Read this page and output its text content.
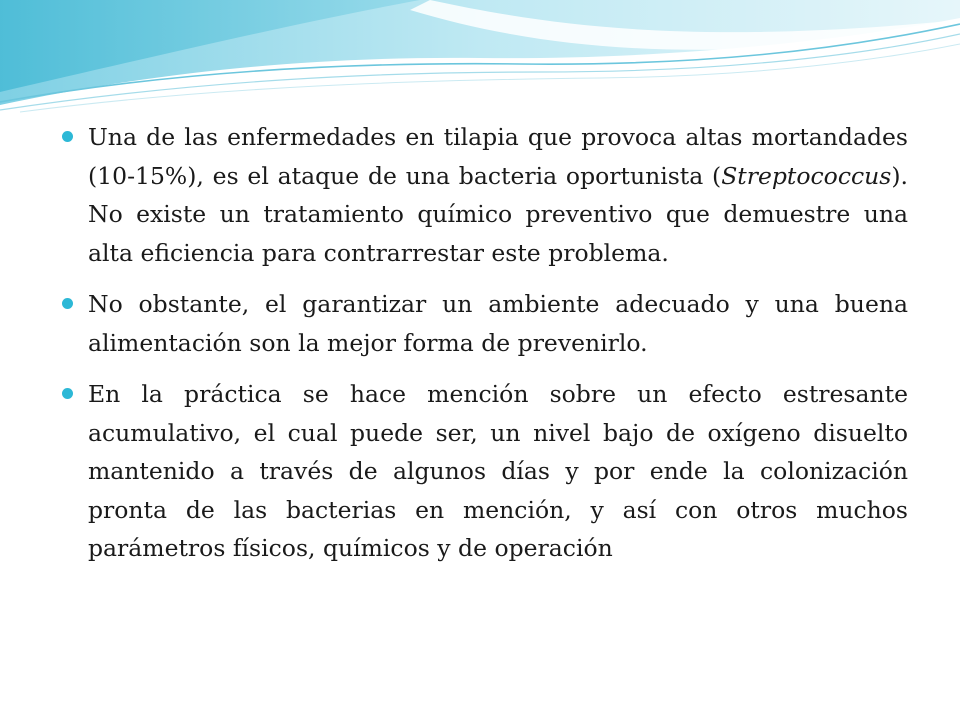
Una de las enfermedades en tilapia que provoca altas mortandades (10-15%), es el ataque de una bacteria oportunista (Streptococcus). No existe un tratamiento químico preventivo que demuestre una alta eficiencia para contrarrestar este problema.
No obstante, el garantizar un ambiente adecuado y una buena alimentación son la mejor forma de prevenirlo.
En la práctica se hace mención sobre un efecto estresante acumulativo, el cual puede ser, un nivel bajo de oxígeno disuelto mantenido a través de algunos días y por ende la colonización pronta de las bacterias en mención, y así con otros muchos parámetros físicos, químicos y de operación
